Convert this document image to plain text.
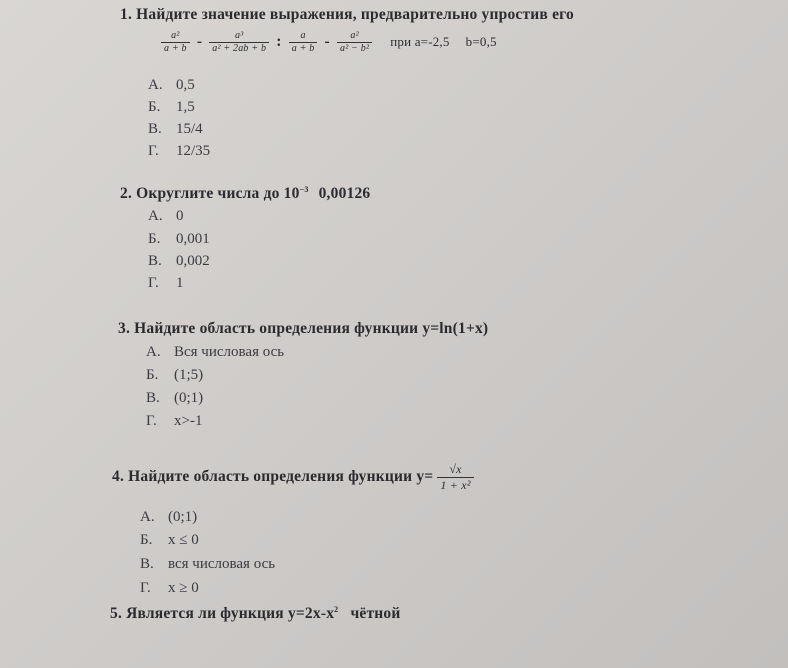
1. Найдите значение выражения, предварительно упростив его
$\frac{\text{a²}}{a + b} - \frac{\text{a³}}{\text{a² + 2ab + b}}$ : $\frac{a}{a + b} - \frac{\text{a²}}{\text{a² − b²}}$ при a=-2,5 b=0,5
А. 0,5
Б. 1,5
В. 15/4
Г. 12/35
2. Округлите числа до $10^{-3}$ 0,00126
А. 0
Б. 0,001
В. 0,002
Г. 1
3. Найдите область определения функции y=ln(1+x)
А. Вся числовая ось
Б. (1;5)
В. (0;1)
Г. x>-1
4. Найдите область определения функции $y= \frac{√x}{\text{1 + x²}}$
А. (0;1)
Б. x ≤ 0
В. вся числовая ось
Г. x ≥ 0
5. Является ли функция $y=2x-x^2$ чётной
